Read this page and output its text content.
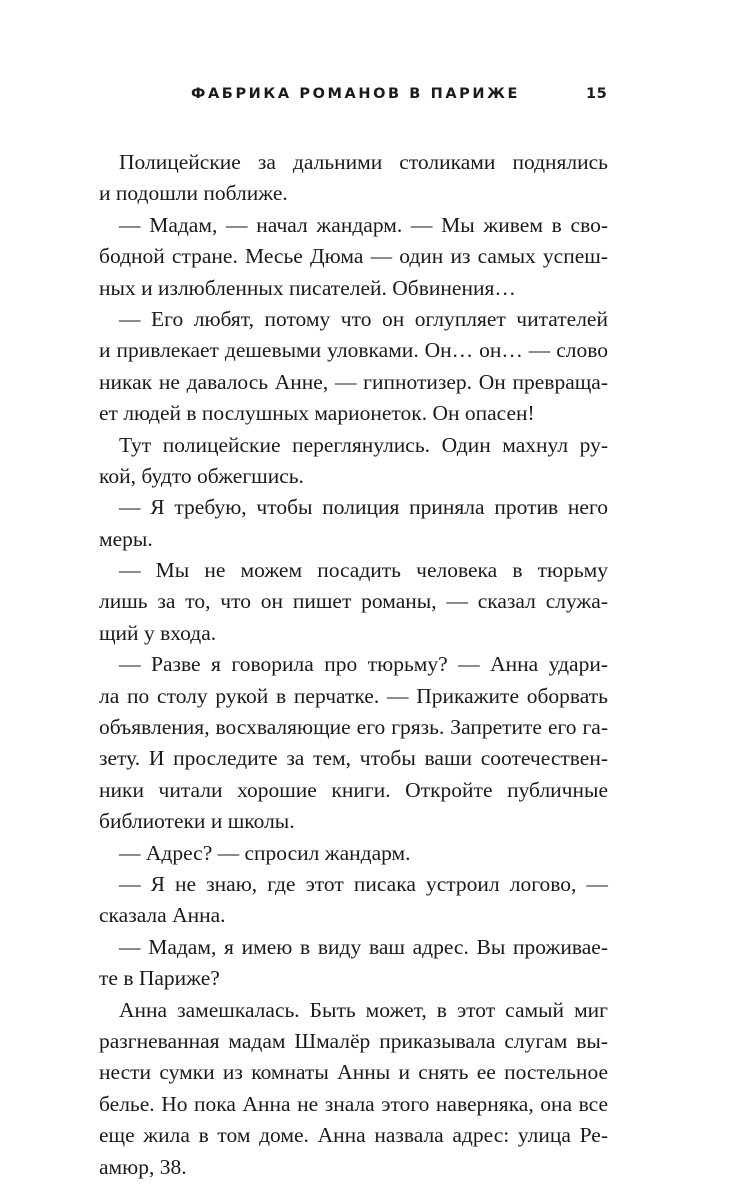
ФАБРИКА РОМАНОВ В ПАРИЖЕ	15
Полицейские за дальними столиками поднялись
и подошли поближе.
— Мадам, — начал жандарм. — Мы живем в сво-
бодной стране. Месье Дюма — один из самых успеш-
ных и излюбленных писателей. Обвинения…
— Его любят, потому что он оглупляет читателей
и привлекает дешевыми уловками. Он… он… — слово
никак не давалось Анне, — гипнотизер. Он превраща-
ет людей в послушных марионеток. Он опасен!
Тут полицейские переглянулись. Один махнул ру-
кой, будто обжегшись.
— Я требую, чтобы полиция приняла против него
меры.
— Мы не можем посадить человека в тюрьму
лишь за то, что он пишет романы, — сказал служа-
щий у входа.
— Разве я говорила про тюрьму? — Анна удари-
ла по столу рукой в перчатке. — Прикажите оборвать
объявления, восхваляющие его грязь. Запретите его га-
зету. И проследите за тем, чтобы ваши соотечествен-
ники читали хорошие книги. Откройте публичные
библиотеки и школы.
— Адрес? — спросил жандарм.
— Я не знаю, где этот писака устроил логово, —
сказала Анна.
— Мадам, я имею в виду ваш адрес. Вы проживае-
те в Париже?
Анна замешкалась. Быть может, в этот самый миг
разгневанная мадам Шмалёр приказывала слугам вы-
нести сумки из комнаты Анны и снять ее постельное
белье. Но пока Анна не знала этого наверняка, она все
еще жила в том доме. Анна назвала адрес: улица Ре-
амюр, 38.
